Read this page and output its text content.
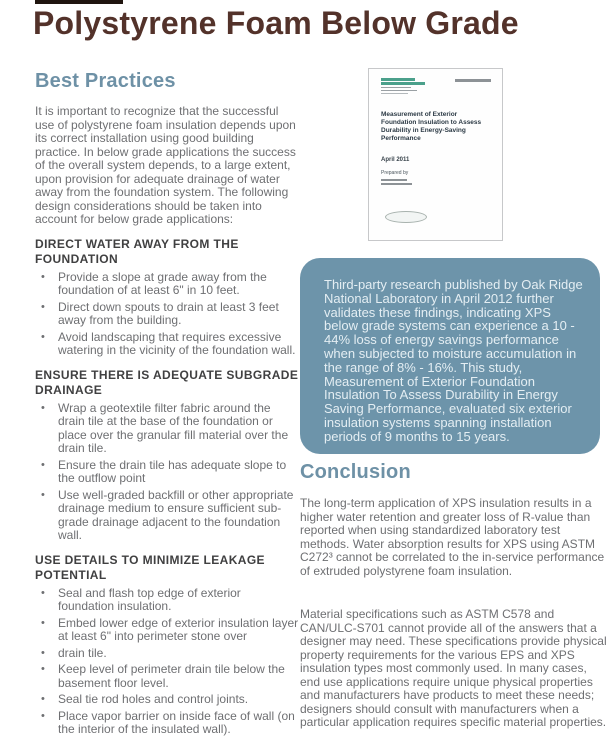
Polystyrene Foam Below Grade
Best Practices

It is important to recognize that the successful use of polystyrene foam insulation depends upon its correct installation using good building practice. In below grade applications the success of the overall system depends, to a large extent, upon provision for adequate drainage of water away from the foundation system. The following design considerations should be taken into account for below grade applications:

DIRECT WATER AWAY FROM THE FOUNDATION
•	Provide a slope at grade away from the foundation of at least 6" in 10 feet.
•	Direct down spouts to drain at least 3 feet away from the building.
•	Avoid landscaping that requires excessive watering in the vicinity of the foundation wall.
ENSURE THERE IS ADEQUATE SUBGRADE DRAINAGE
•	Wrap a geotextile filter fabric around the drain tile at the base of the foundation or place over the granular fill material over the drain tile.
•	Ensure the drain tile has adequate slope to the outflow point
•	Use well-graded backfill or other appropriate drainage medium to ensure sufficient sub-grade drainage adjacent to the foundation wall.
USE DETAILS TO MINIMIZE LEAKAGE POTENTIAL
•	Seal and flash top edge of exterior foundation insulation.
•	Embed lower edge of exterior insulation layer at least 6" into perimeter stone over
•	drain tile.
•	Keep level of perimeter drain tile below the basement floor level.
•	Seal tie rod holes and control joints.
•	Place vapor barrier on inside face of wall (on the interior of the insulated wall).
Measurement of Exterior Foundation Insulation to Assess Durability in Energy-Saving Performance
April 2011
Prepared by

Third-party research published by Oak Ridge National Laboratory in April 2012 further validates these findings, indicating XPS below grade systems can experience a 10 - 44% loss of energy savings performance when subjected to moisture accumulation in the range of 8% - 16%. This study, Measurement of Exterior Foundation Insulation To Assess Durability in Energy Saving Performance, evaluated six exterior insulation systems spanning installation periods of 9 months to 15 years.

Conclusion

The long-term application of XPS insulation results in a higher water retention and greater loss of R-value than reported when using standardized laboratory test methods. Water absorption results for XPS using ASTM C272³ cannot be correlated to the in-service performance of extruded polystyrene foam insulation.

Material specifications such as ASTM C578 and CAN/ULC-S701 cannot provide all of the answers that a designer may need. These specifications provide physical property requirements for the various EPS and XPS insulation types most commonly used. In many cases, end use applications require unique physical properties and manufacturers have products to meet these needs; designers should consult with manufacturers when a particular application requires specific material properties.
